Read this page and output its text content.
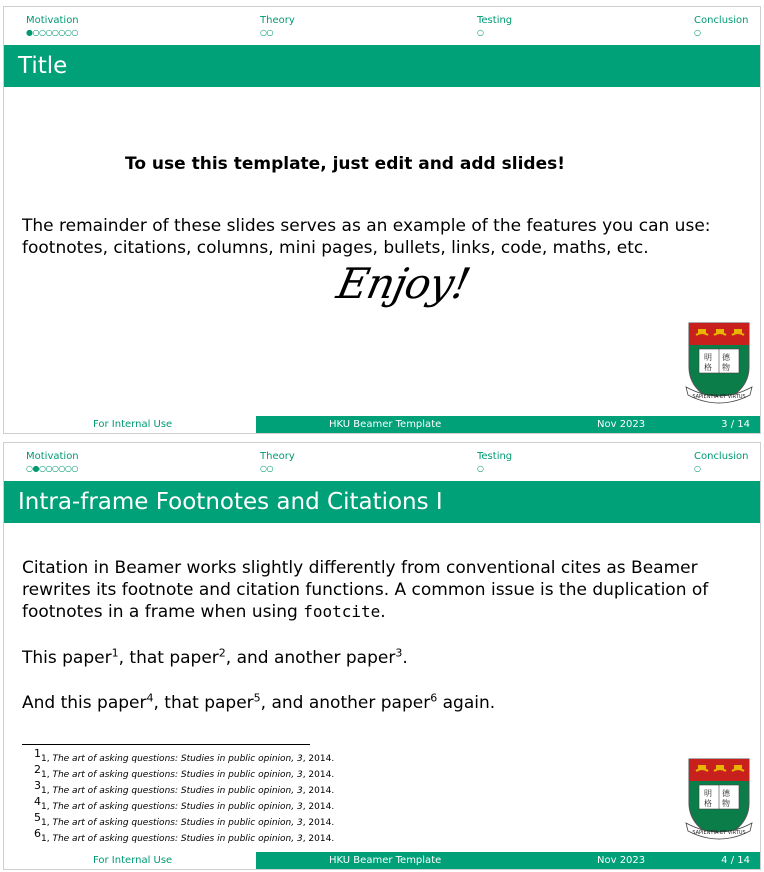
Motivation
●○○○○○○○
Theory
○○
Testing
○
Conclusion
○
Title
To use this template, just edit and add slides!
The remainder of these slides serves as an example of the features you can use:
footnotes, citations, columns, mini pages, bullets, links, code, maths, etc.
Enjoy!
明 德
格 物
SAPIENTIA ET VIRTUS
For Internal Use	HKU Beamer Template	Nov 2023	3 / 14
Motivation
○●○○○○○○
Theory
○○
Testing
○
Conclusion
○
Intra-frame Footnotes and Citations I
Citation in Beamer works slightly differently from conventional cites as Beamer
rewrites its footnote and citation functions. A common issue is the duplication of
footnotes in a frame when using footcite.
This paper$^1$, that paper$^2$, and another paper$^3$.
And this paper$^4$, that paper$^5$, and another paper$^6$ again.
$^1$1, The art of asking questions: Studies in public opinion, 3, 2014.
$^2$1, The art of asking questions: Studies in public opinion, 3, 2014.
$^3$1, The art of asking questions: Studies in public opinion, 3, 2014.
$^4$1, The art of asking questions: Studies in public opinion, 3, 2014.
$^5$1, The art of asking questions: Studies in public opinion, 3, 2014.
$^6$1, The art of asking questions: Studies in public opinion, 3, 2014.
明 德
格 物
SAPIENTIA ET VIRTUS
For Internal Use	HKU Beamer Template	Nov 2023	4 / 14
